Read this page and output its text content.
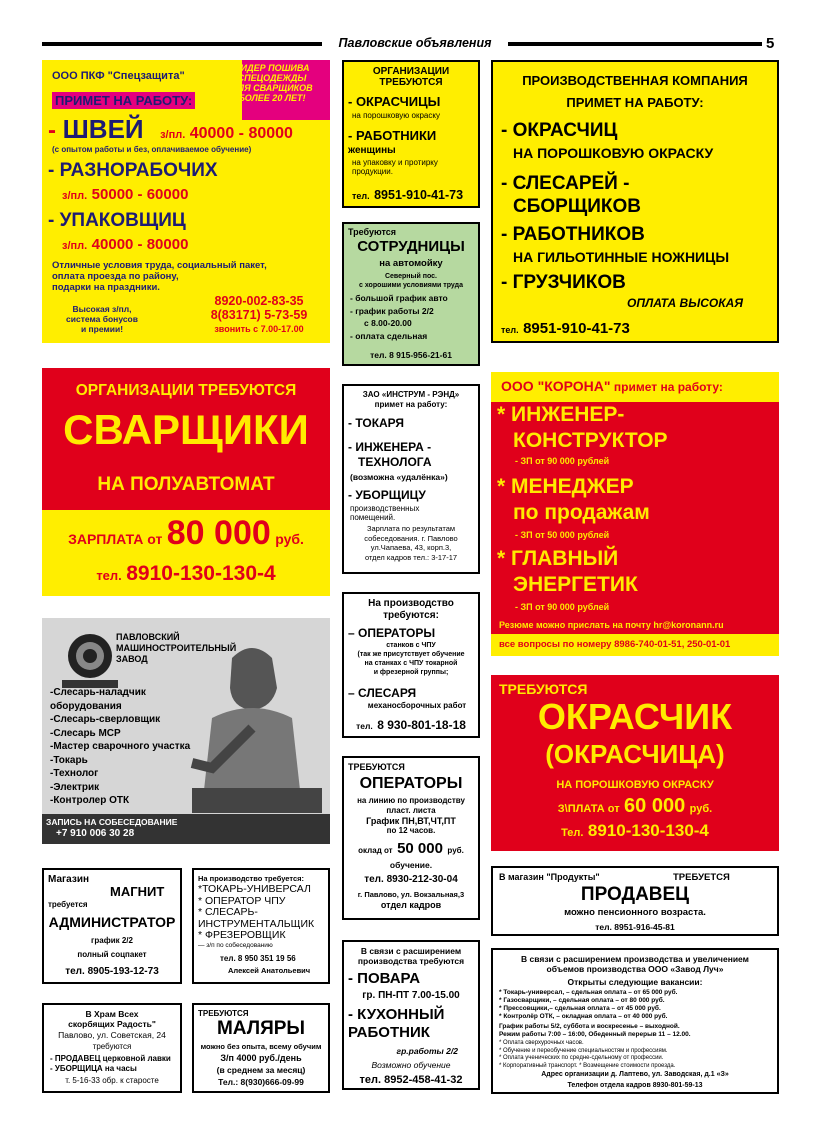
Павловские объявления	5
ЛИДЕР ПОШИВА
СПЕЦОДЕЖДЫ
ДЛЯ СВАРЩИКОВ
БОЛЕЕ 20 ЛЕТ!
ООО ПКФ "Спецзащита"
ПРИМЕТ НА РАБОТУ:
- ШВЕЙ з/пл. 40000 - 80000
(с опытом работы и без, оплачиваемое обучение)
- РАЗНОРАБОЧИХ
з/пл. 50000 - 60000
- УПАКОВЩИЦ
з/пл. 40000 - 80000
Отличные условия труда, социальный пакет,
оплата проезда по району,
подарки на праздники.
Высокая з/пл,
система бонусов
и премии!
8920-002-83-35
8(83171) 5-73-59
звонить с 7.00-17.00
ОРГАНИЗАЦИИ
ТРЕБУЮТСЯ
- ОКРАСЧИЦЫ
на порошковую окраску
- РАБОТНИКИ
женщины
на упаковку и протирку
продукции.
тел. 8951-910-41-73
ПРОИЗВОДСТВЕННАЯ КОМПАНИЯ
ПРИМЕТ НА РАБОТУ:
- ОКРАСЧИЦ
НА ПОРОШКОВУЮ ОКРАСКУ
- СЛЕСАРЕЙ -
СБОРЩИКОВ
- РАБОТНИКОВ
НА ГИЛЬОТИННЫЕ НОЖНИЦЫ
- ГРУЗЧИКОВ
ОПЛАТА ВЫСОКАЯ
тел. 8951-910-41-73
Требуются
СОТРУДНИЦЫ
на автомойку
Северный пос.
с хорошими условиями труда
- большой график авто
- график работы 2/2
с 8.00-20.00
- оплата сдельная
тел. 8 915-956-21-61
ОРГАНИЗАЦИИ ТРЕБУЮТСЯ
СВАРЩИКИ
НА ПОЛУАВТОМАТ
ЗАРПЛАТА от 80 000 руб.
тел. 8910-130-130-4
ЗАО «ИНСТРУМ - РЭНД»
примет на работу:
- ТОКАРЯ
- ИНЖЕНЕРА -
ТЕХНОЛОГА
(возможна «удалёнка»)
- УБОРЩИЦУ
производственных
помещений.
Зарплата по результатам
собеседования. г. Павлово
ул.Чапаева, 43, корп.3,
отдел кадров тел.: 3-17-17
ООО "КОРОНА" примет на работу:
* ИНЖЕНЕР-
КОНСТРУКТОР
- ЗП от 90 000 рублей
* МЕНЕДЖЕР
по продажам
- ЗП от 50 000 рублей
* ГЛАВНЫЙ
ЭНЕРГЕТИК
- ЗП от 90 000 рублей
Резюме можно прислать на почту hr@koronann.ru
все вопросы по номеру 8986-740-01-51, 250-01-01
ПАВЛОВСКИЙ
МАШИНОСТРОИТЕЛЬНЫЙ
ЗАВОД
-Слесарь-наладчик
оборудования
-Слесарь-сверловщик
-Слесарь МСР
-Мастер сварочного участка
-Токарь
-Технолог
-Электрик
-Контролер ОТК
ЗАПИСЬ НА СОБЕСЕДОВАНИЕ
+7 910 006 30 28
На производство
требуются:
– ОПЕРАТОРЫ
станков с ЧПУ
(так же присутствует обучение
на станках с ЧПУ токарной
и фрезерной группы;
– СЛЕСАРЯ
механосборочных работ
тел. 8 930-801-18-18
ТРЕБУЮТСЯ
ОКРАСЧИК
(ОКРАСЧИЦА)
НА ПОРОШКОВУЮ ОКРАСКУ
З\ПЛАТА от 60 000 руб.
Тел. 8910-130-130-4
ТРЕБУЮТСЯ
ОПЕРАТОРЫ
на линию по производству
пласт. листа
График ПН,ВТ,ЧТ,ПТ
по 12 часов.
оклад от 50 000 руб.
обучение.
тел. 8930-212-30-04
г. Павлово, ул. Вокзальная,3
отдел кадров
Магазин
МАГНИТ
требуется
АДМИНИСТРАТОР
график 2/2
полный соцпакет
тел. 8905-193-12-73
На производство требуется:
*ТОКАРЬ-УНИВЕРСАЛ
* ОПЕРАТОР ЧПУ
* СЛЕСАРЬ-
ИНСТРУМЕНТАЛЬЩИК
* ФРЕЗЕРОВЩИК
— з/п по собеседованию
тел. 8 950 351 19 56
Алексей Анатольевич
В связи с расширением
производства требуются
- ПОВАРА
гр. ПН-ПТ 7.00-15.00
- КУХОННЫЙ
РАБОТНИК
гр.работы 2/2
Возможно обучение
тел. 8952-458-41-32
В магазин "Продукты"	ТРЕБУЕТСЯ
ПРОДАВЕЦ
можно пенсионного возраста.
тел. 8951-916-45-81
В связи с расширением производства и увеличением
объемов производства ООО «Завод Луч»
Открыты следующие вакансии:
* Токарь-универсал, – сдельная оплата – от 65 000 руб.
* Газосварщики, – сдельная оплата – от 80 000 руб.
* Прессовщики,– сдельная оплата – от 45 000 руб.
* Контролёр ОТК, – окладная оплата – от 40 000 руб.
График работы 5/2, суббота и воскресенье – выходной.
Режим работы 7:00 – 16:00, Обеденный перерыв 11 – 12.00.
* Оплата сверхурочных часов.
* Обучение и переобучение специальностям и профессиям.
* Оплата ученических по средне-сдельному от профессии.
* Корпоративный транспорт. * Возмещение стоимости проезда.
Адрес организации д. Лаптево, ул. Заводская, д.1 «З»
Телефон отдела кадров 8930-801-59-13
В Храм Всех
скорбящих Радость"
Павлово, ул. Советская, 24
требуются
- ПРОДАВЕЦ церковной лавки
- УБОРЩИЦА на часы
т. 5-16-33 обр. к старосте
ТРЕБУЮТСЯ
МАЛЯРЫ
можно без опыта, всему обучим
З/п 4000 руб./день
(в среднем за месяц)
Тел.: 8(930)666-09-99
